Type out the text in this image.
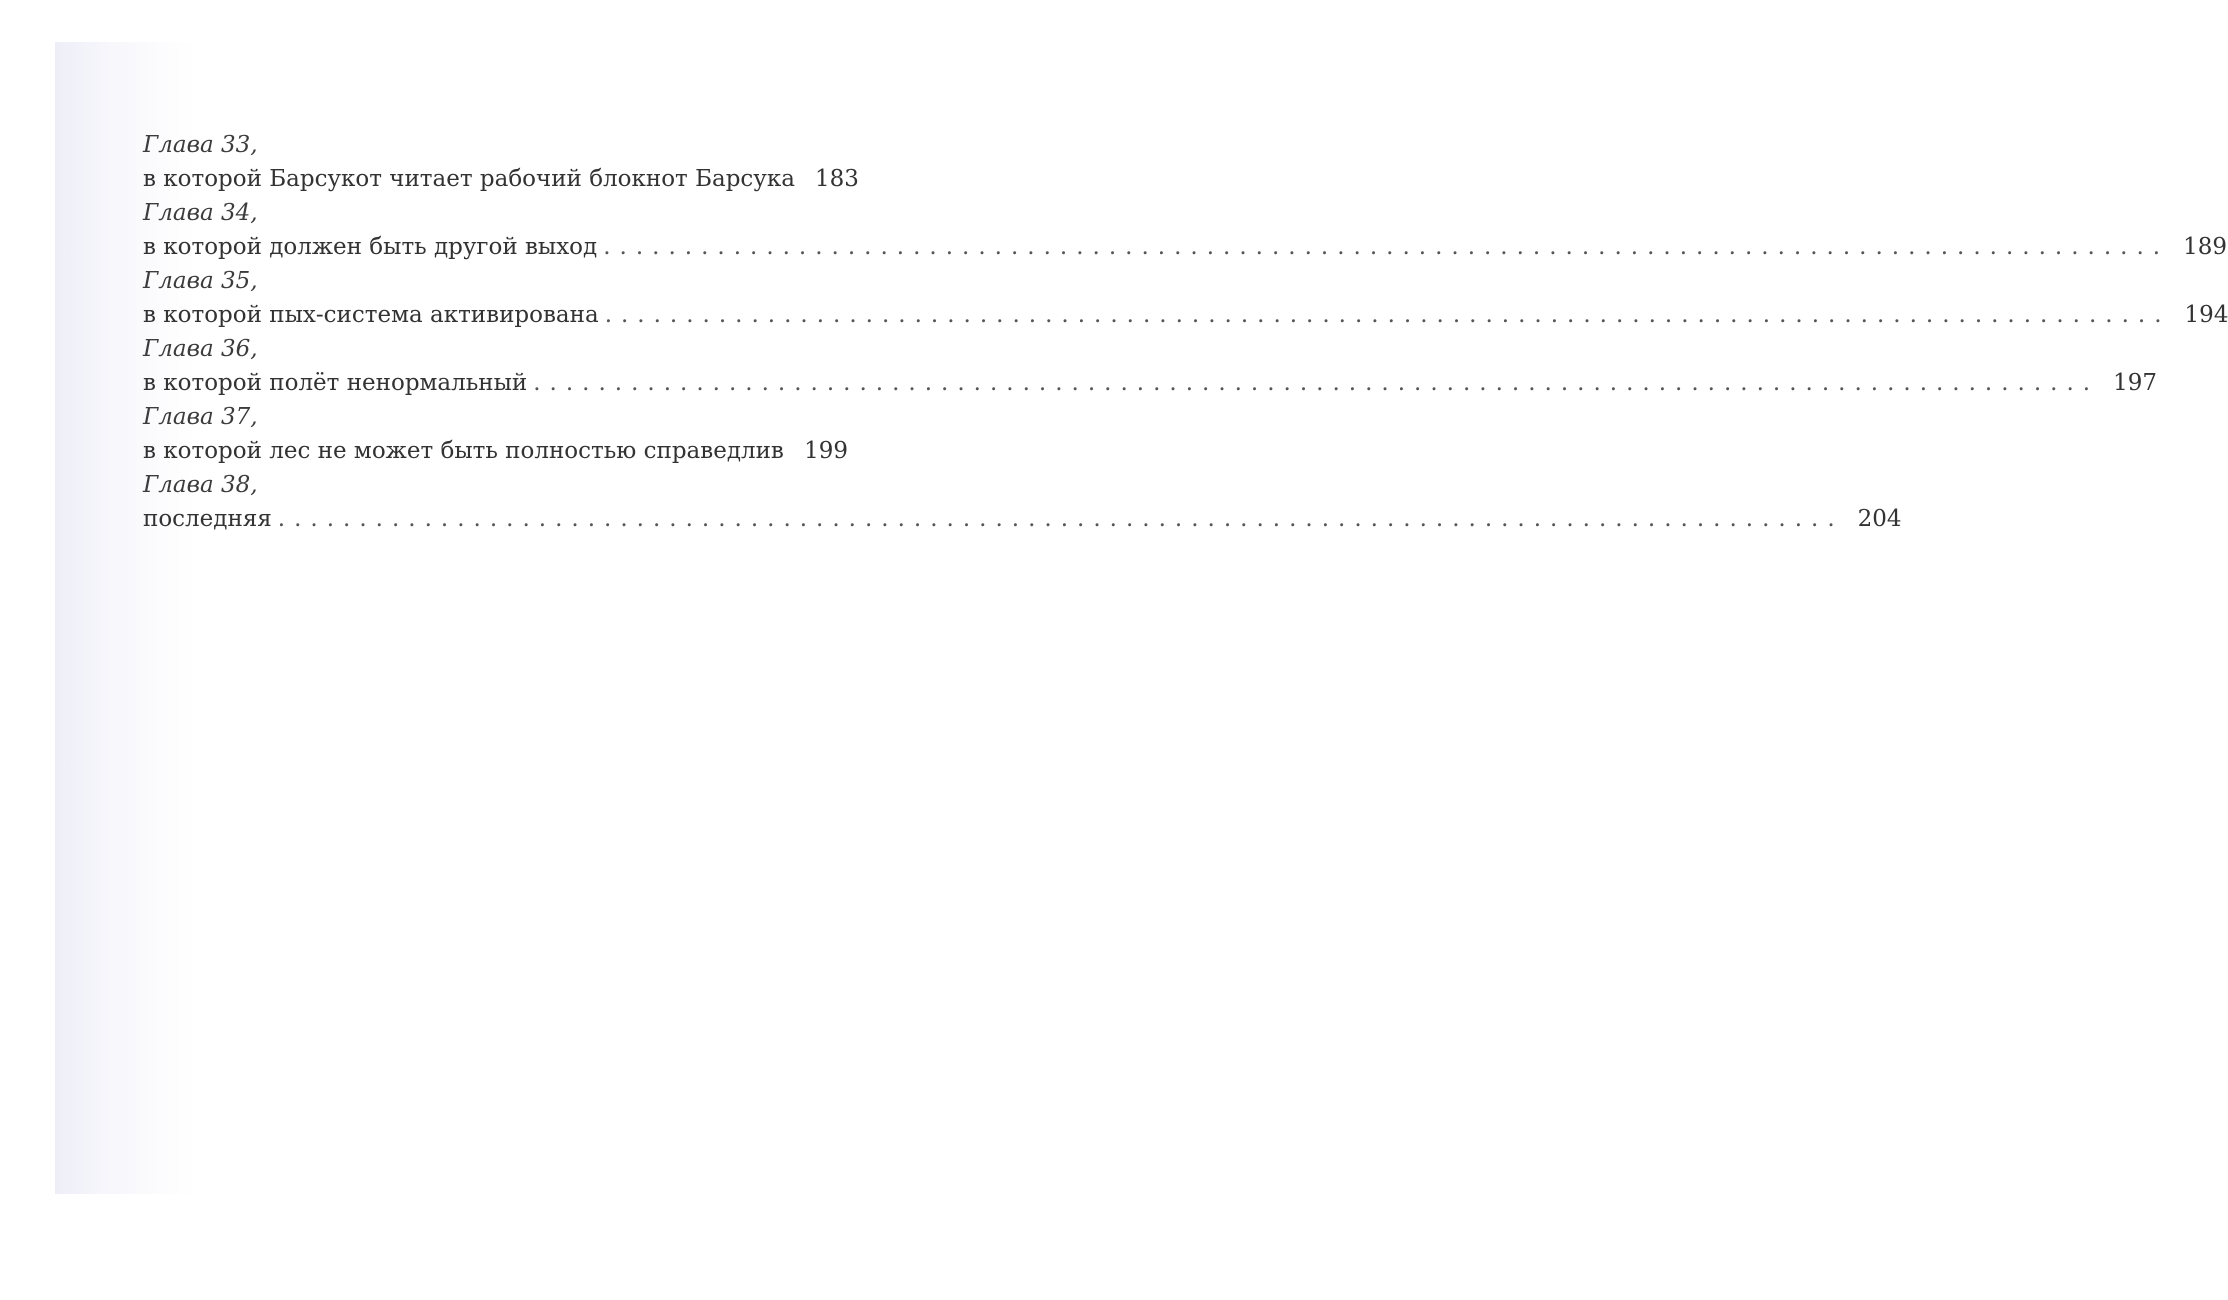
Глава 33,
в которой Барсукот читает рабочий блокнот Барсука 183
Глава 34,
в которой должен быть другой выход ................................................................................................ 189
Глава 35,
в которой пых-система активирована ................................................................................................ 194
Глава 36,
в которой полёт ненормальный ................................................................................................ 197
Глава 37,
в которой лес не может быть полностью справедлив 199
Глава 38,
последняя ................................................................................................ 204
